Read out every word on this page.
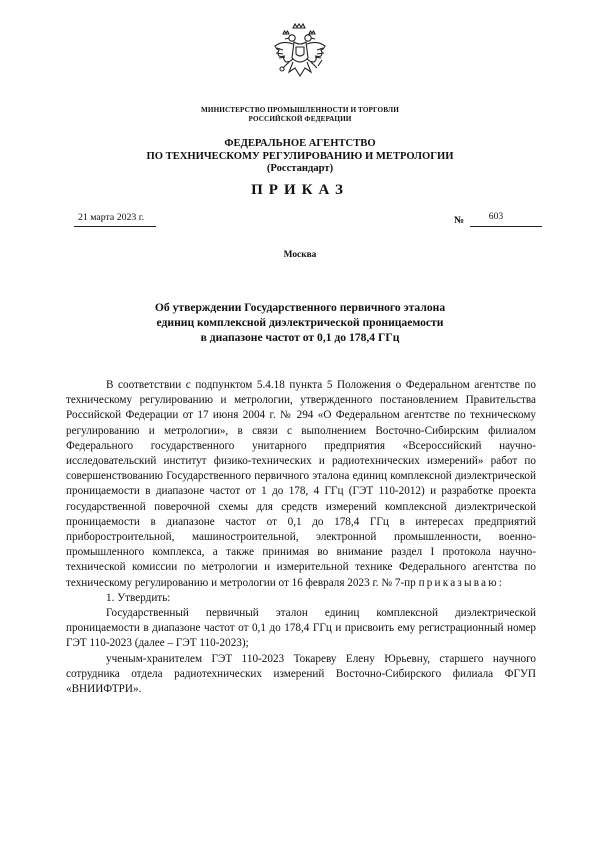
МИНИСТЕРСТВО ПРОМЫШЛЕННОСТИ И ТОРГОВЛИ
РОССИЙСКОЙ ФЕДЕРАЦИИ
ФЕДЕРАЛЬНОЕ АГЕНТСТВО
ПО ТЕХНИЧЕСКОМУ РЕГУЛИРОВАНИЮ И МЕТРОЛОГИИ
(Росстандарт)
ПРИКАЗ
21 марта 2023 г.	№	603
Москва
Об утверждении Государственного первичного эталона
единиц комплексной диэлектрической проницаемости
в диапазоне частот от 0,1 до 178,4 ГГц

В соответствии с подпунктом 5.4.18 пункта 5 Положения о Федеральном агентстве по техническому регулированию и метрологии, утвержденного постановлением Правительства Российской Федерации от 17 июня 2004 г. № 294 «О Федеральном агентстве по техническому регулированию и метрологии», в связи с выполнением Восточно-Сибирским филиалом Федерального государственного унитарного предприятия «Всероссийский научно-исследовательский институт физико-технических и радиотехнических измерений» работ по совершенствованию Государственного первичного эталона единиц комплексной диэлектрической проницаемости в диапазоне частот от 1 до 178, 4 ГГц (ГЭТ 110-2012) и разработке проекта государственной поверочной схемы для средств измерений комплексной диэлектрической проницаемости в диапазоне частот от 0,1 до 178,4 ГГц в интересах предприятий приборостроительной, машиностроительной, электронной промышленности, военно-промышленного комплекса, а также принимая во внимание раздел I протокола научно-технической комиссии по метрологии и измерительной технике Федерального агентства по техническому регулированию и метрологии от 16 февраля 2023 г. № 7-пр приказываю:

1. Утвердить:

Государственный первичный эталон единиц комплексной диэлектрической проницаемости в диапазоне частот от 0,1 до 178,4 ГГц и присвоить ему регистрационный номер ГЭТ 110-2023 (далее – ГЭТ 110-2023);

ученым-хранителем ГЭТ 110-2023 Токареву Елену Юрьевну, старшего научного сотрудника отдела радиотехнических измерений Восточно-Сибирского филиала ФГУП «ВНИИФТРИ».
